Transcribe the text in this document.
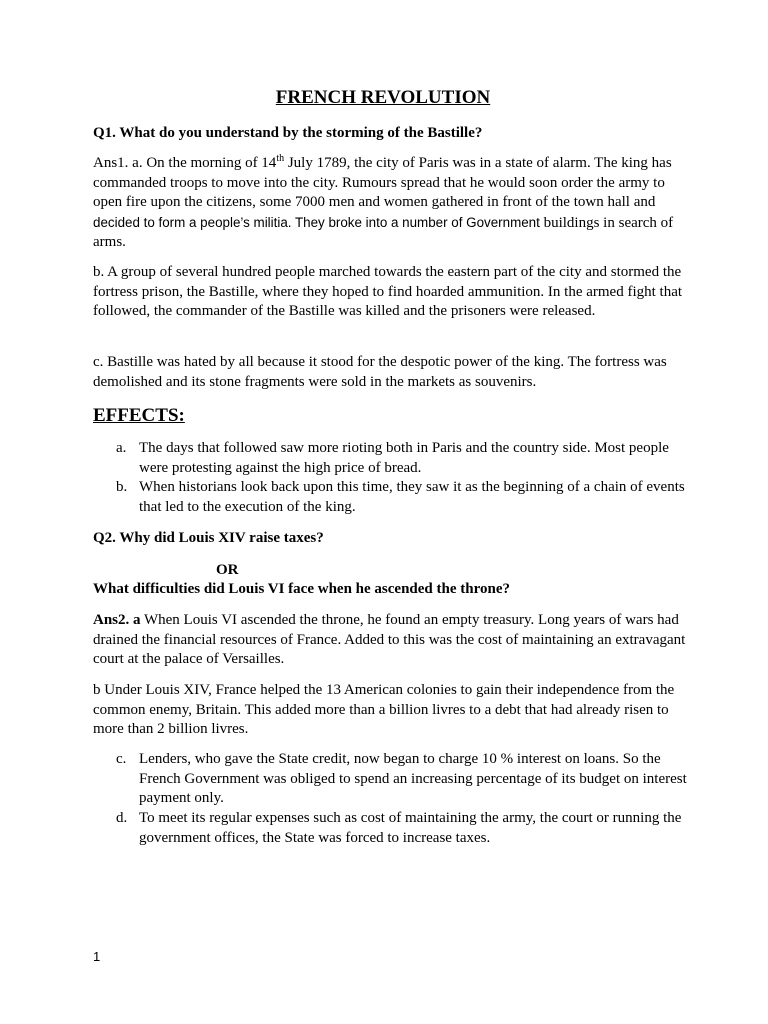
FRENCH REVOLUTION

Q1. What do you understand by the storming of the Bastille?

Ans1. a. On the morning of 14th July 1789, the city of Paris was in a state of alarm. The king has commanded troops to move into the city. Rumours spread that he would soon order the army to open fire upon the citizens, some 7000 men and women gathered in front of the town hall and decided to form a people’s militia. They broke into a number of Government buildings in search of arms.

b. A group of several hundred people marched towards the eastern part of the city and stormed the fortress prison, the Bastille, where they hoped to find hoarded ammunition. In the armed fight that followed, the commander of the Bastille was killed and the prisoners were released.

c. Bastille was hated by all because it stood for the despotic power of the king. The fortress was demolished and its stone fragments were sold in the markets as souvenirs.

EFFECTS:
a. The days that followed saw more rioting both in Paris and the country side. Most people were protesting against the high price of bread.
b. When historians look back upon this time, they saw it as the beginning of a chain of events that led to the execution of the king.

Q2. Why did Louis XIV raise taxes?

OR

What difficulties did Louis VI face when he ascended the throne?

Ans2. a When Louis VI ascended the throne, he found an empty treasury. Long years of wars had drained the financial resources of France. Added to this was the cost of maintaining an extravagant court at the palace of Versailles.

b Under Louis XIV, France helped the 13 American colonies to gain their independence from the common enemy, Britain. This added more than a billion livres to a debt that had already risen to more than 2 billion livres.

c. Lenders, who gave the State credit, now began to charge 10 % interest on loans. So the French Government was obliged to spend an increasing percentage of its budget on interest payment only.
d. To meet its regular expenses such as cost of maintaining the army, the court or running the government offices, the State was forced to increase taxes.
1
